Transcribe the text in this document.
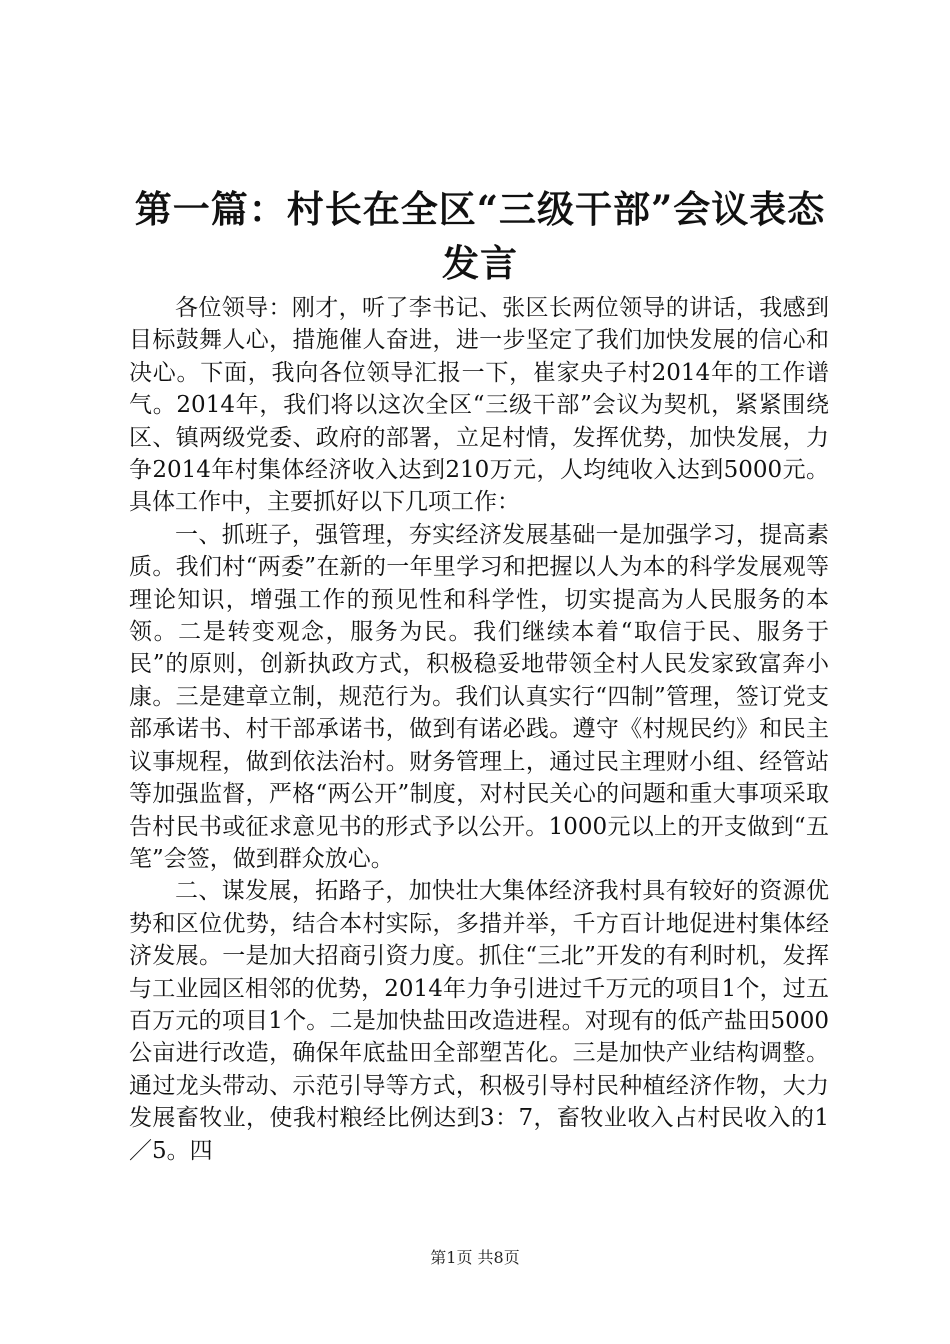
第一篇：村长在全区“三级干部”会议表态发言

各位领导：刚才，听了李书记、张区长两位领导的讲话，我感到目标鼓舞人心，措施催人奋进，进一步坚定了我们加快发展的信心和决心。下面，我向各位领导汇报一下，崔家央子村2014年的工作谱气。2014年，我们将以这次全区“三级干部”会议为契机，紧紧围绕区、镇两级党委、政府的部署，立足村情，发挥优势，加快发展，力争2014年村集体经济收入达到210万元，人均纯收入达到5000元。具体工作中，主要抓好以下几项工作：

一、抓班子，强管理，夯实经济发展基础一是加强学习，提高素质。我们村“两委”在新的一年里学习和把握以人为本的科学发展观等理论知识，增强工作的预见性和科学性，切实提高为人民服务的本领。二是转变观念，服务为民。我们继续本着“取信于民、服务于民”的原则，创新执政方式，积极稳妥地带领全村人民发家致富奔小康。三是建章立制，规范行为。我们认真实行“四制”管理，签订党支部承诺书、村干部承诺书，做到有诺必践。遵守《村规民约》和民主议事规程，做到依法治村。财务管理上，通过民主理财小组、经管站等加强监督，严格“两公开”制度，对村民关心的问题和重大事项采取告村民书或征求意见书的形式予以公开。1000元以上的开支做到“五笔”会签，做到群众放心。

二、谋发展，拓路子，加快壮大集体经济我村具有较好的资源优势和区位优势，结合本村实际，多措并举，千方百计地促进村集体经济发展。一是加大招商引资力度。抓住“三北”开发的有利时机，发挥与工业园区相邻的优势，2014年力争引进过千万元的项目1个，过五百万元的项目1个。二是加快盐田改造进程。对现有的低产盐田5000公亩进行改造，确保年底盐田全部塑苫化。三是加快产业结构调整。通过龙头带动、示范引导等方式，积极引导村民种植经济作物，大力发展畜牧业，使我村粮经比例达到3：7，畜牧业收入占村民收入的1／5。四

第1页 共8页
